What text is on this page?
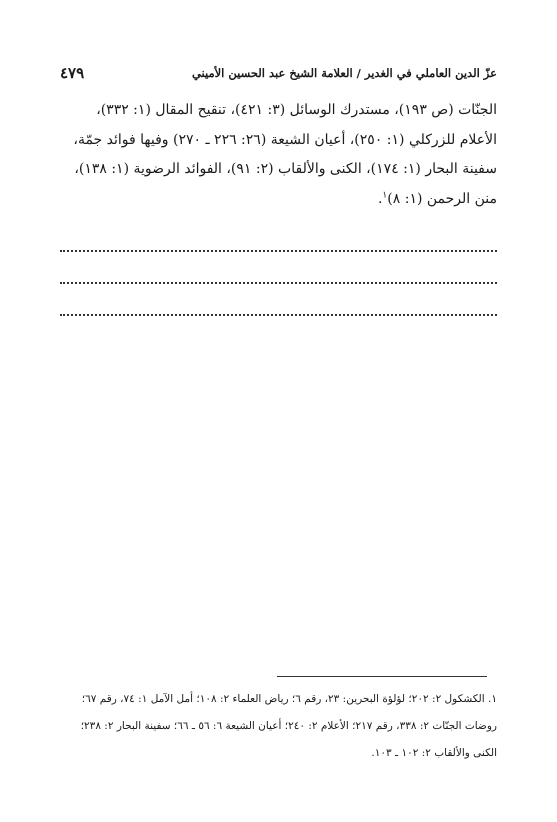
عزّ الدين العاملي في الغدير / العلامة الشيخ عبد الحسين الأميني
٤٧٩
الجنّات (ص ١٩٣)، مستدرك الوسائل (٣: ٤٢١)، تنقيح المقال (١: ٣٣٢)،
الأعلام للزركلي (١: ٢٥٠)، أعيان الشيعة (٢٦: ٢٢٦ ـ ٢٧٠) وفيها فوائد جمّة،
سفينة البحار (١: ١٧٤)، الكنى والألقاب (٢: ٩١)، الفوائد الرضوية (١: ١٣٨)،
منن الرحمن (١: ٨)$^١$.
١. الكشكول ٢: ٢٠٢؛ لؤلؤة البحرين: ٢٣، رقم ٦؛ رياض العلماء ٢: ١٠٨؛ أمل الآمل ١: ٧٤، رقم ٦٧؛
روضات الجنّات ٢: ٣٣٨، رقم ٢١٧؛ الأعلام ٢: ٢٤٠؛ أعيان الشيعة ٦: ٥٦ ـ ٦٦؛ سفينة البحار ٢: ٢٣٨؛
الكنى والألقاب ٢: ١٠٢ ـ ١٠٣.
